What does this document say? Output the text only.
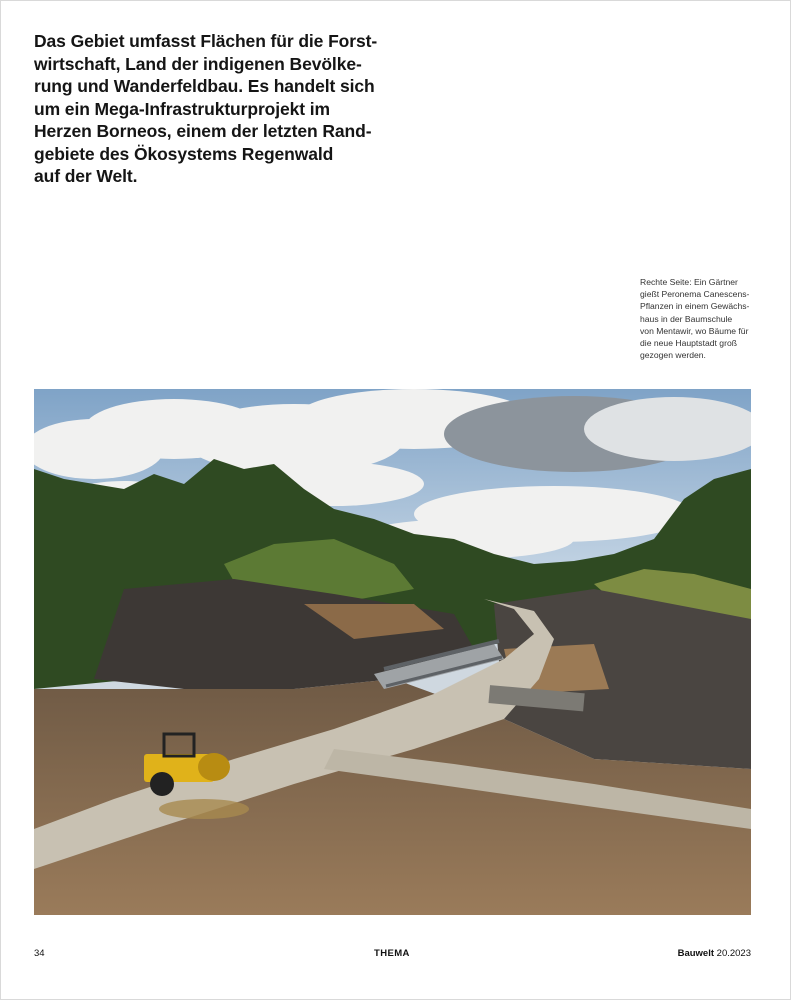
Das Gebiet umfasst Flächen für die Forst-
wirtschaft, Land der indigenen Bevölke-
rung und Wanderfeldbau. Es handelt sich
um ein Mega-Infrastrukturprojekt im
Herzen Borneos, einem der letzten Rand-
gebiete des Ökosystems Regenwald
auf der Welt.
Rechte Seite: Ein Gärtner
gießt Peronema Canescens-
Pflanzen in einem Gewächs-
haus in der Baumschule
von Mentawir, wo Bäume für
die neue Hauptstadt groß
gezogen werden.
34	THEMA	Bauwelt 20.2023
